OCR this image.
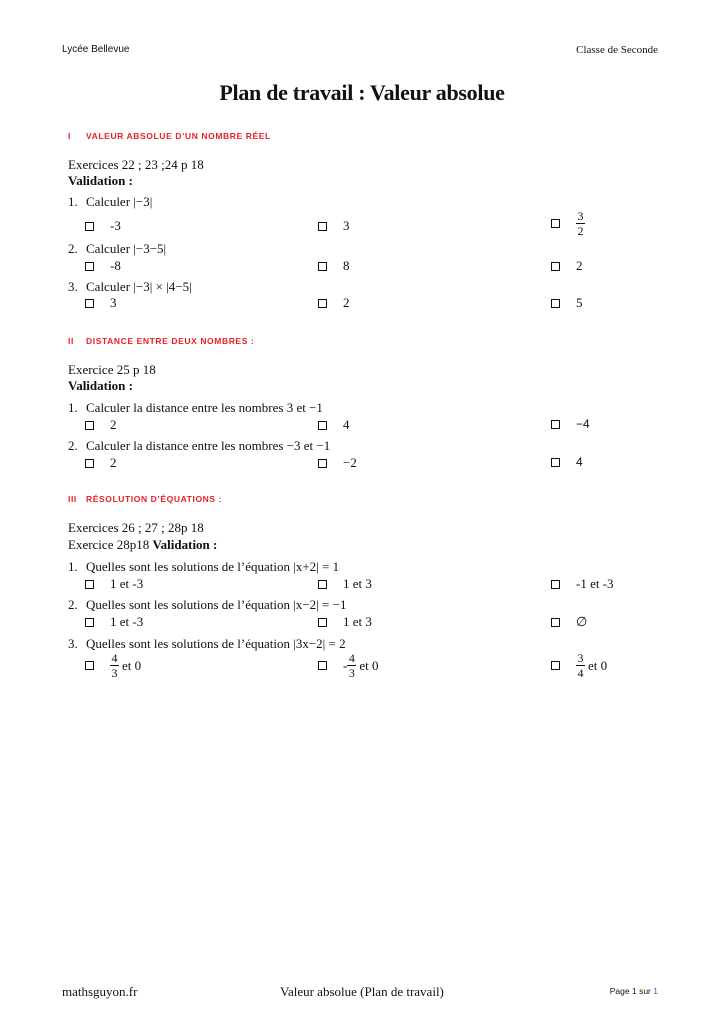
Lycée Bellevue	Classe de Seconde
Plan de travail : Valeur absolue
I VALEUR ABSOLUE D’UN NOMBRE RÉEL
Exercices 22 ; 23 ;24 p 18
Validation :
1. Calculer |−3|
-3	3	$\frac{3}{2}$
2. Calculer |−3−5|
-8	8	2
3. Calculer |−3| × |4−5|
3	2	5
II DISTANCE ENTRE DEUX NOMBRES :
Exercice 25 p 18
Validation :
1. Calculer la distance entre les nombres 3 et −1
2	4	−4
2. Calculer la distance entre les nombres −3 et −1
2	−2	4
III RÉSOLUTION D’ÉQUATIONS :
Exercices 26 ; 27 ; 28p 18
Exercice 28p18 Validation :
1. Quelles sont les solutions de l’équation |x+2| = 1
1 et -3	1 et 3	-1 et -3
2. Quelles sont les solutions de l’équation |x−2| = −1
1 et -3	1 et 3	∅
3. Quelles sont les solutions de l’équation |3x−2| = 2
$\frac{4}{3}$ et 0	- $\frac{4}{3}$ et 0	$\frac{3}{4}$ et 0
mathsguyon.fr	Valeur absolue (Plan de travail)	Page 1 sur 1
